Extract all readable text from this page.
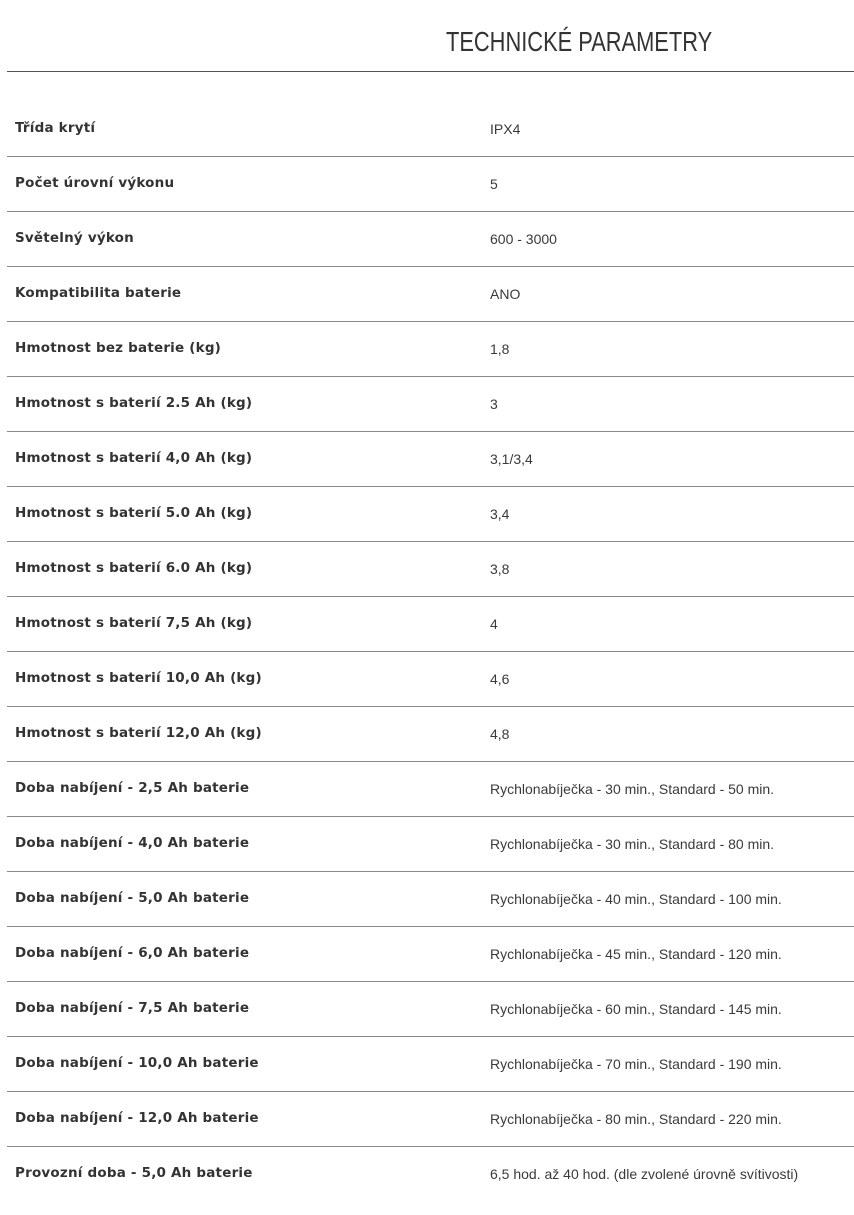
TECHNICKÉ PARAMETRY
Třída krytí	IPX4
Počet úrovní výkonu	5
Světelný výkon	600 - 3000
Kompatibilita baterie	ANO
Hmotnost bez baterie (kg)	1,8
Hmotnost s baterií 2.5 Ah (kg)	3
Hmotnost s baterií 4,0 Ah (kg)	3,1/3,4
Hmotnost s baterií 5.0 Ah (kg)	3,4
Hmotnost s baterií 6.0 Ah (kg)	3,8
Hmotnost s baterií 7,5 Ah (kg)	4
Hmotnost s baterií 10,0 Ah (kg)	4,6
Hmotnost s baterií 12,0 Ah (kg)	4,8
Doba nabíjení - 2,5 Ah baterie	Rychlonabíječka - 30 min., Standard - 50 min.
Doba nabíjení - 4,0 Ah baterie	Rychlonabíječka - 30 min., Standard - 80 min.
Doba nabíjení - 5,0 Ah baterie	Rychlonabíječka - 40 min., Standard - 100 min.
Doba nabíjení - 6,0 Ah baterie	Rychlonabíječka - 45 min., Standard - 120 min.
Doba nabíjení - 7,5 Ah baterie	Rychlonabíječka - 60 min., Standard - 145 min.
Doba nabíjení - 10,0 Ah baterie	Rychlonabíječka - 70 min., Standard - 190 min.
Doba nabíjení - 12,0 Ah baterie	Rychlonabíječka - 80 min., Standard - 220 min.
Provozní doba - 5,0 Ah baterie	6,5 hod. až 40 hod. (dle zvolené úrovně svítivosti)
